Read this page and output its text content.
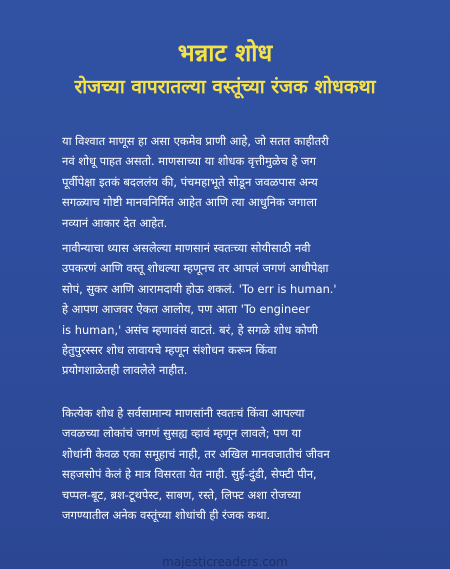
भन्नाट शोध
रोजच्या वापरातल्या वस्तूंच्या रंजक शोधकथा

या विश्वात माणूस हा असा एकमेव प्राणी आहे, जो सतत काहीतरी
नवं शोधू पाहत असतो. माणसाच्या या शोधक वृत्तीमुळेच हे जग
पूर्वीपेक्षा इतकं बदललंय की, पंचमहाभूते सोडून जवळपास अन्य
सगळ्याच गोष्टी मानवनिर्मित आहेत आणि त्या आधुनिक जगाला
नव्यानं आकार देत आहेत.

नावीन्याचा ध्यास असलेल्या माणसानं स्वतःच्या सोयीसाठी नवी
उपकरणं आणि वस्तू शोधल्या म्हणूनच तर आपलं जगणं आधीपेक्षा
सोपं, सुकर आणि आरामदायी होऊ शकलं. 'To err is human.'
हे आपण आजवर ऐकत आलोय, पण आता 'To engineer
is human,' असंच म्हणावंसं वाटतं. बरं, हे सगळे शोध कोणी
हेतुपुरस्सर शोध लावायचे म्हणून संशोधन करून किंवा
प्रयोगशाळेतही लावलेले नाहीत.

कित्येक शोध हे सर्वसामान्य माणसांनी स्वतःचं किंवा आपल्या
जवळच्या लोकांचं जगणं सुसह्य व्हावं म्हणून लावले; पण या
शोधांनी केवळ एका समूहाचं नाही, तर अखिल मानवजातीचं जीवन
सहजसोपं केलं हे मात्र विसरता येत नाही. सुई-दुंडी, सेफ्टी पीन,
चप्पल-बूट, ब्रश-टूथपेस्ट, साबण, रस्ते, लिफ्ट अशा रोजच्या
जगण्यातील अनेक वस्तूंच्या शोधांची ही रंजक कथा.

majesticreaders.com
